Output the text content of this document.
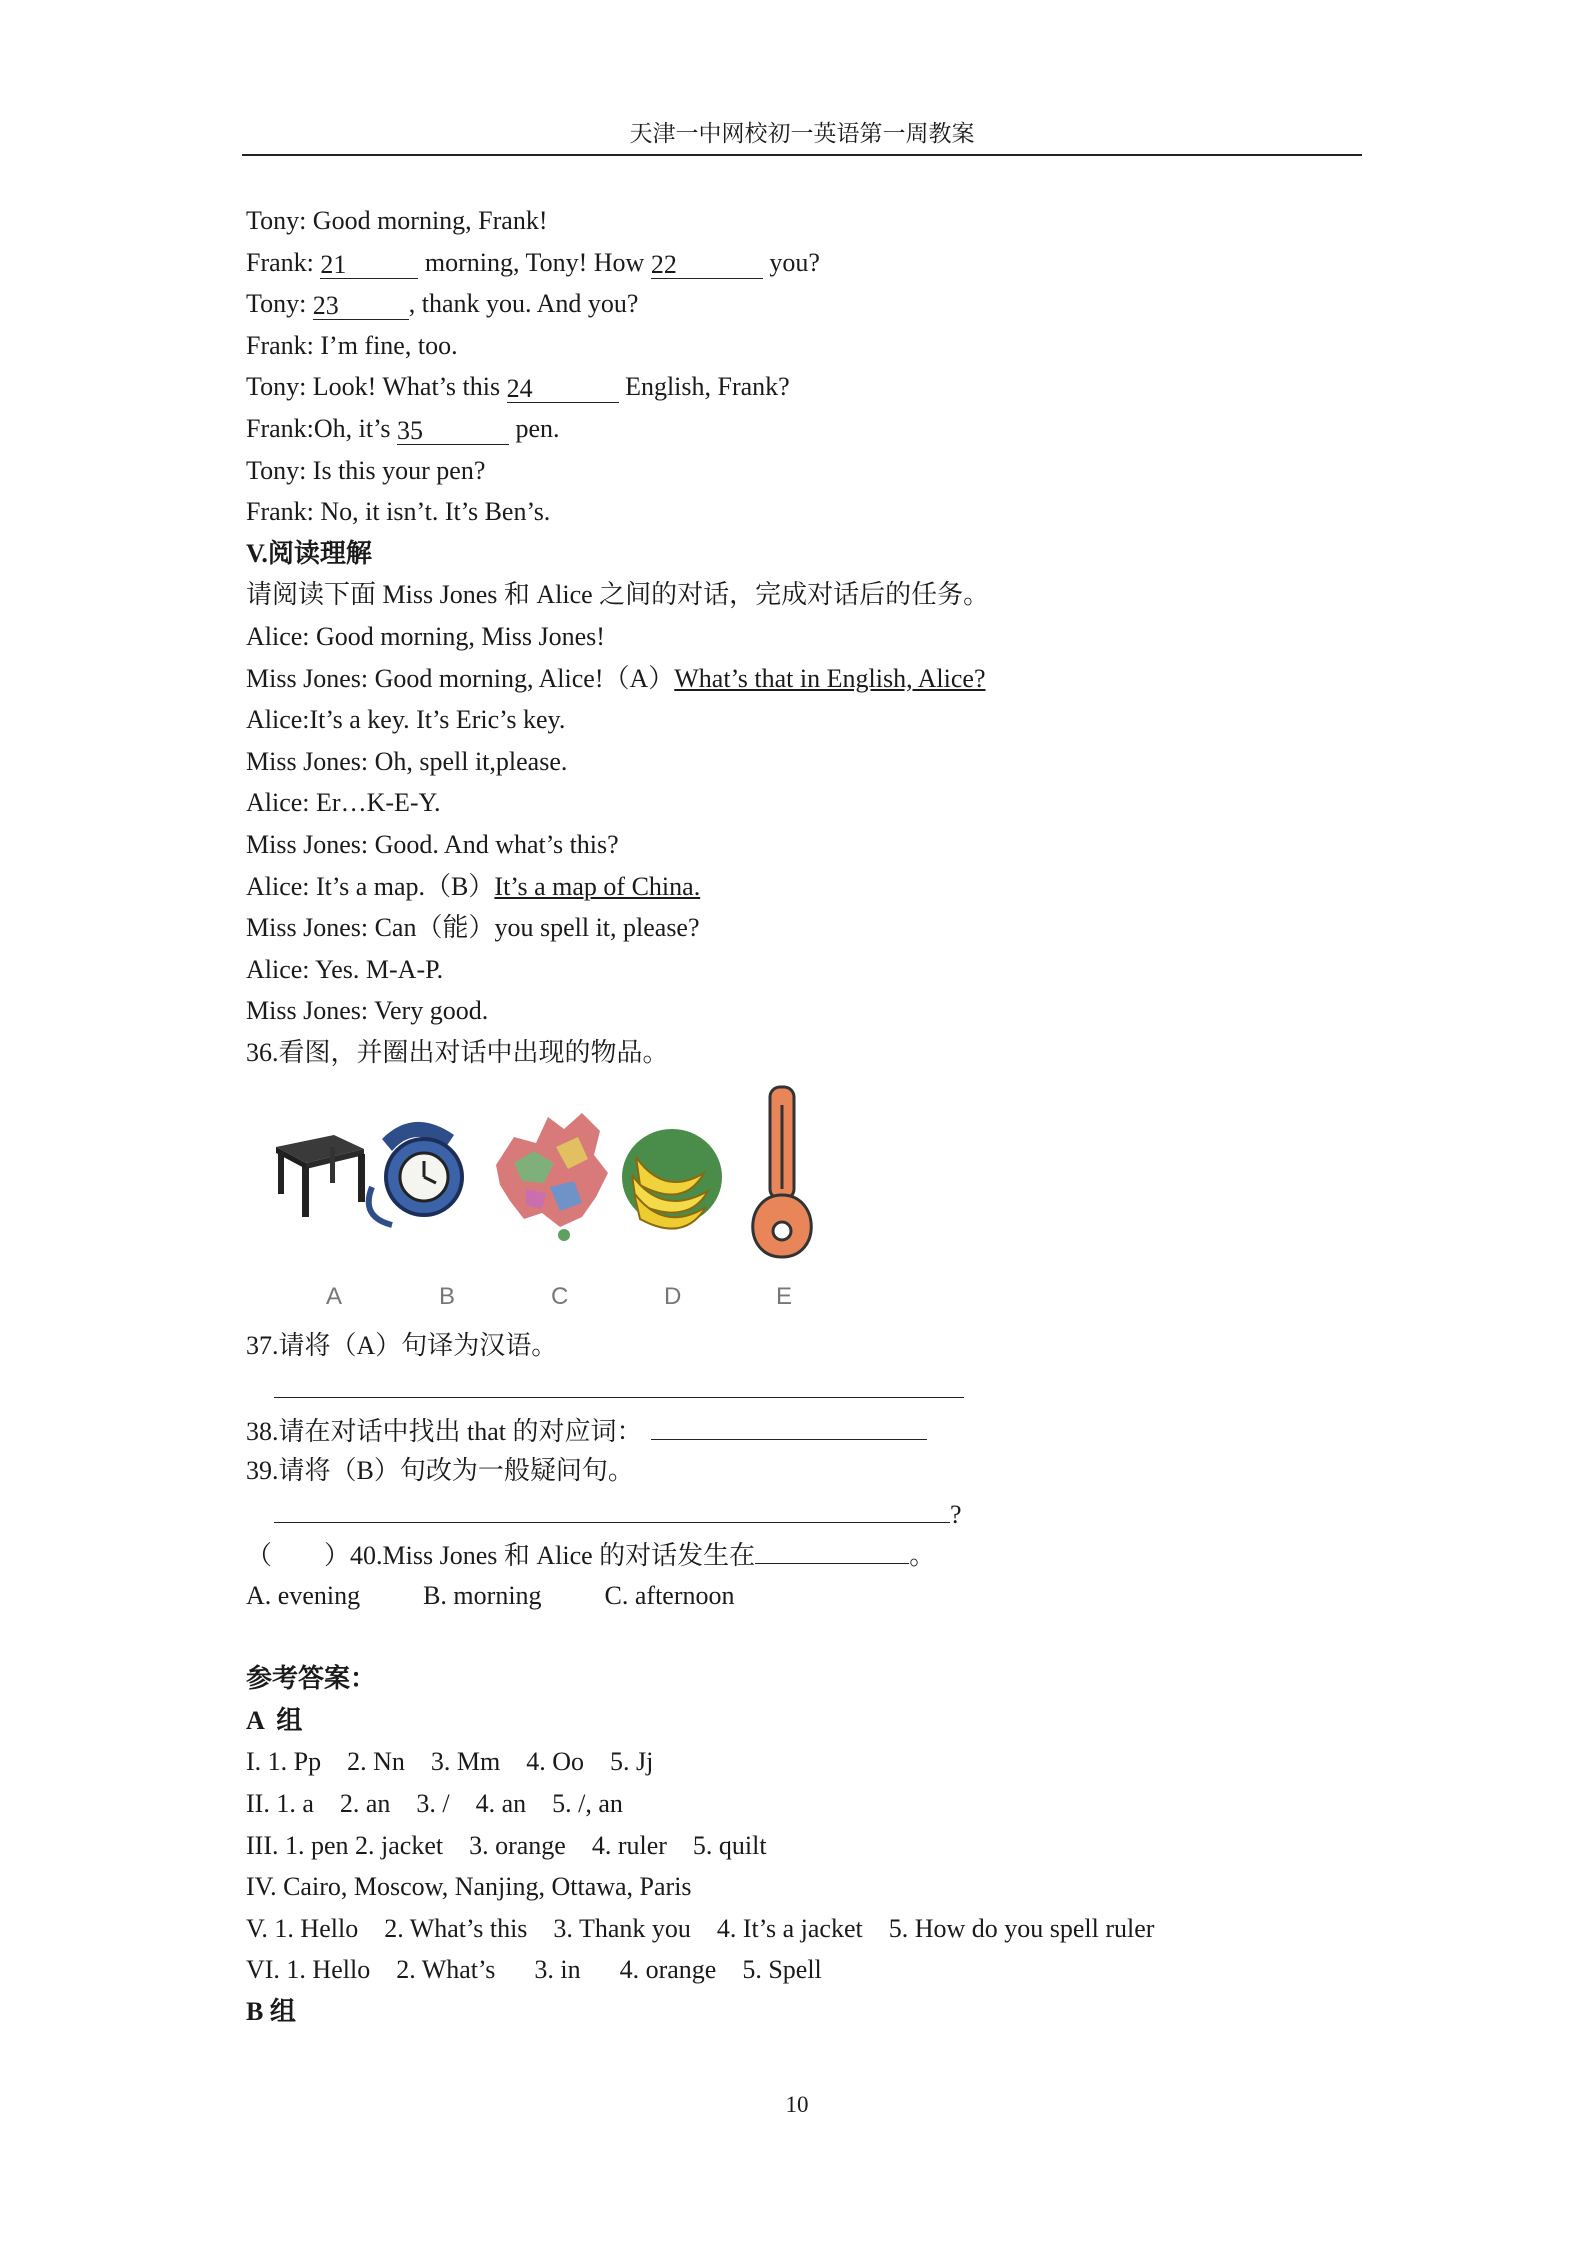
天津一中网校初一英语第一周教案
Tony: Good morning, Frank!
Frank: 21	morning, Tony! How 22	you?
Tony: 23	, thank you. And you?
Frank: I’m fine, too.
Tony: Look! What’s this 24	English, Frank?
Frank:Oh, it’s 35	pen.
Tony: Is this your pen?
Frank: No, it isn’t. It’s Ben’s.
V.阅读理解
请阅读下面 Miss Jones 和 Alice 之间的对话，完成对话后的任务。
Alice: Good morning, Miss Jones!
Miss Jones: Good morning, Alice!（A）What’s that in English, Alice?
Alice:It’s a key. It’s Eric’s key.
Miss Jones: Oh, spell it,please.
Alice: Er…K-E-Y.
Miss Jones: Good. And what’s this?
Alice: It’s a map.（B）It’s a map of China.
Miss Jones: Can（能）you spell it, please?
Alice: Yes. M-A-P.
Miss Jones: Very good.
36.看图，并圈出对话中出现的物品。
A	B	C	D	E
37.请将（A）句译为汉语。
38.请在对话中找出 that 的对应词：
39.请将（B）句改为一般疑问句。
?
（　　）40.Miss Jones 和 Alice 的对话发生在	。
A. evening B. morning C. afternoon
参考答案：
A  组
I. 1. Pp    2. Nn    3. Mm    4. Oo    5. Jj
II. 1. a    2. an    3. /    4. an    5. /, an
III. 1. pen 2. jacket    3. orange    4. ruler    5. quilt
IV. Cairo, Moscow, Nanjing, Ottawa, Paris
V. 1. Hello    2. What’s this    3. Thank you    4. It’s a jacket    5. How do you spell ruler
VI. 1. Hello    2. What’s      3. in      4. orange    5. Spell
B 组
10
